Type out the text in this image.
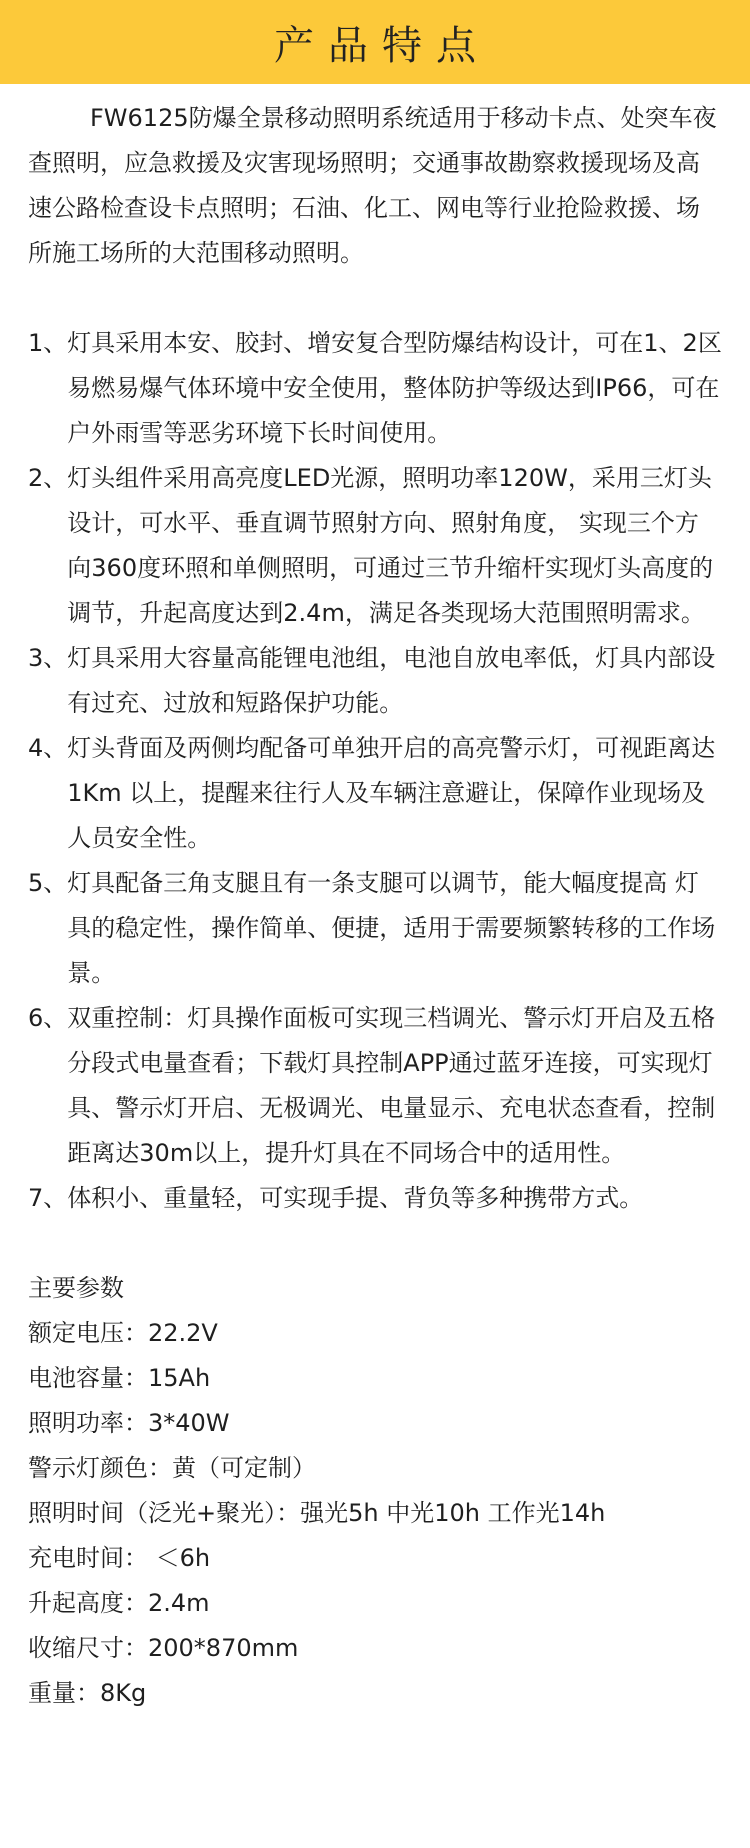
产品特点

FW6125防爆全景移动照明系统适用于移动卡点、处突车夜查照明，应急救援及灾害现场照明；交通事故勘察救援现场及高速公路检查设卡点照明；石油、化工、网电等行业抢险救援、场所施工场所的大范围移动照明。

1、 灯具采用本安、胶封、增安复合型防爆结构设计，可在1、2区易燃易爆气体环境中安全使用，整体防护等级达到IP66，可在户外雨雪等恶劣环境下长时间使用。
2、 灯头组件采用高亮度LED光源，照明功率120W，采用三灯头设计，可水平、垂直调节照射方向、照射角度， 实现三个方向360度环照和单侧照明，可通过三节升缩杆实现灯头高度的调节，升起高度达到2.4m，满足各类现场大范围照明需求。
3、 灯具采用大容量高能锂电池组，电池自放电率低，灯具内部设有过充、过放和短路保护功能。
4、 灯头背面及两侧均配备可单独开启的高亮警示灯，可视距离达1Km 以上，提醒来往行人及车辆注意避让，保障作业现场及人员安全性。
5、 灯具配备三角支腿且有一条支腿可以调节，能大幅度提高 灯具的稳定性，操作简单、便捷，适用于需要频繁转移的工作场景。
6、 双重控制：灯具操作面板可实现三档调光、警示灯开启及五格分段式电量查看；下载灯具控制APP通过蓝牙连接，可实现灯具、警示灯开启、无极调光、电量显示、充电状态查看，控制距离达30m以上，提升灯具在不同场合中的适用性。
7、 体积小、重量轻，可实现手提、背负等多种携带方式。
主要参数
额定电压：22.2V
电池容量：15Ah
照明功率：3*40W
警示灯颜色：黄（可定制）
照明时间（泛光+聚光）：强光5h 中光10h 工作光14h
充电时间： ＜6h
升起高度：2.4m
收缩尺寸：200*870mm
重量：8Kg
